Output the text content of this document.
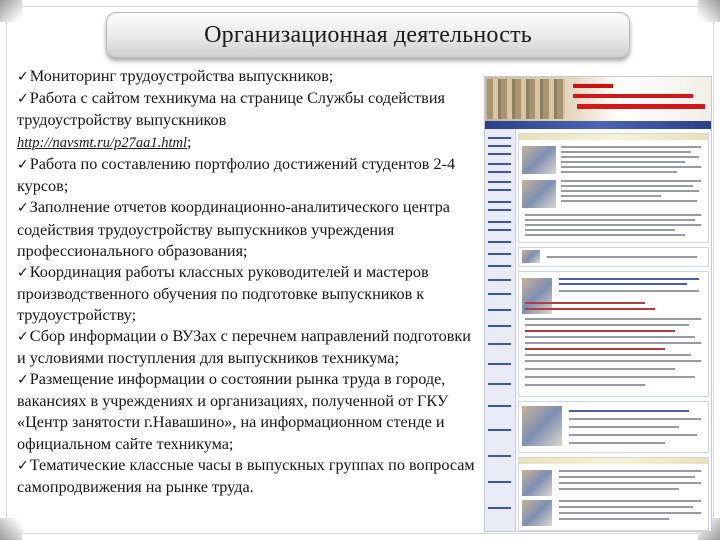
Организационная деятельность

✓Мониторинг трудоустройства выпускников;

✓Работа с сайтом техникума на странице Службы содействия трудоустройству выпускников

http://navsmt.ru/p27aa1.html;

✓Работа по составлению портфолио достижений студентов 2-4 курсов;

✓Заполнение отчетов координационно-аналитического центра содействия трудоустройству выпускников учреждения профессионального образования;

✓Координация работы классных руководителей и мастеров производственного обучения по подготовке выпускников к трудоустройству;

✓Сбор информации о ВУЗах с перечнем направлений подготовки и условиями поступления для выпускников техникума;

✓Размещение информации о состоянии рынка труда в городе, вакансиях в учреждениях и организациях, полученной от ГКУ «Центр занятости г.Навашино», на информационном стенде и официальном сайте техникума;

✓Тематические классные часы в выпускных группах по вопросам самопродвижения на рынке труда.
